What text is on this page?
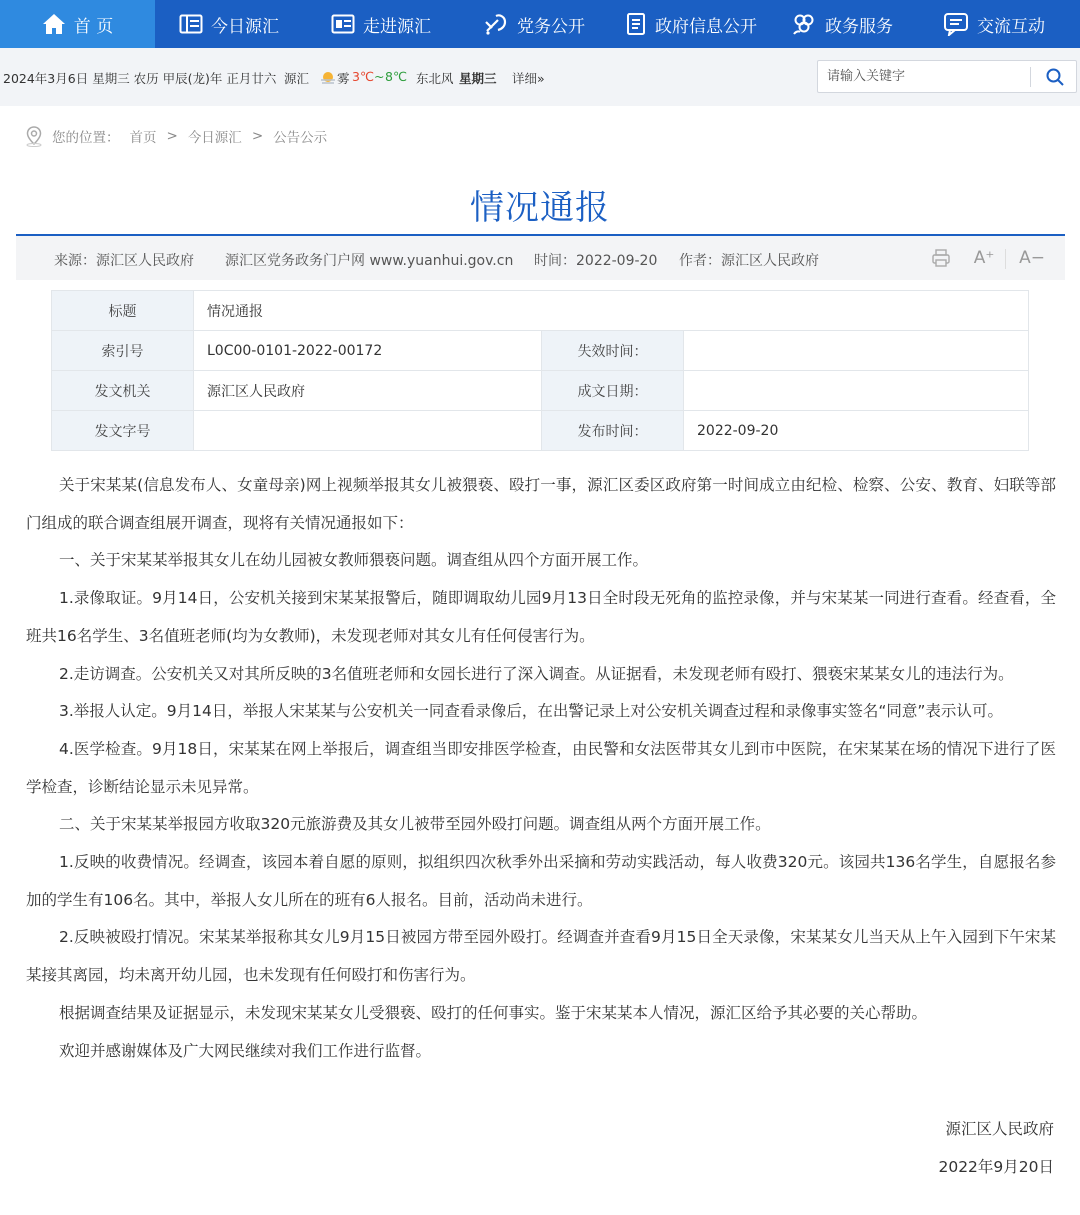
首 页	今日源汇	走进源汇	党务公开	政府信息公开	政务服务	交流互动
2024年3月6日 星期三 农历 甲辰(龙)年 正月廿六 源汇 雾 3℃ ~ 8℃ 东北风 星期三 详细»
请输入关键字
您的位置： 首页 > 今日源汇 > 公告公示
情况通报
来源：源汇区人民政府 源汇区党务政务门户网 www.yuanhui.gov.cn 时间：2022-09-20 作者：源汇区人民政府	A⁺ A−
标题	情况通报		
索引号	L0C00-0101-2022-00172	失效时间：	
发文机关	源汇区人民政府	成文日期：	
发文字号		发布时间：	2022-09-20

关于宋某某(信息发布人、女童母亲)网上视频举报其女儿被猥亵、殴打一事，源汇区委区政府第一时间成立由纪检、检察、公安、教育、妇联等部门组成的联合调查组展开调查，现将有关情况通报如下：

一、关于宋某某举报其女儿在幼儿园被女教师猥亵问题。调查组从四个方面开展工作。

1.录像取证。9月14日，公安机关接到宋某某报警后，随即调取幼儿园9月13日全时段无死角的监控录像，并与宋某某一同进行查看。经查看，全班共16名学生、3名值班老师(均为女教师)，未发现老师对其女儿有任何侵害行为。

2.走访调查。公安机关又对其所反映的3名值班老师和女园长进行了深入调查。从证据看，未发现老师有殴打、猥亵宋某某女儿的违法行为。

3.举报人认定。9月14日，举报人宋某某与公安机关一同查看录像后，在出警记录上对公安机关调查过程和录像事实签名“同意”表示认可。

4.医学检查。9月18日，宋某某在网上举报后，调查组当即安排医学检查，由民警和女法医带其女儿到市中医院，在宋某某在场的情况下进行了医学检查，诊断结论显示未见异常。

二、关于宋某某举报园方收取320元旅游费及其女儿被带至园外殴打问题。调查组从两个方面开展工作。

1.反映的收费情况。经调查，该园本着自愿的原则，拟组织四次秋季外出采摘和劳动实践活动，每人收费320元。该园共136名学生，自愿报名参加的学生有106名。其中，举报人女儿所在的班有6人报名。目前，活动尚未进行。

2.反映被殴打情况。宋某某举报称其女儿9月15日被园方带至园外殴打。经调查并查看9月15日全天录像，宋某某女儿当天从上午入园到下午宋某某接其离园，均未离开幼儿园，也未发现有任何殴打和伤害行为。

根据调查结果及证据显示，未发现宋某某女儿受猥亵、殴打的任何事实。鉴于宋某某本人情况，源汇区给予其必要的关心帮助。

欢迎并感谢媒体及广大网民继续对我们工作进行监督。

源汇区人民政府
2022年9月20日
